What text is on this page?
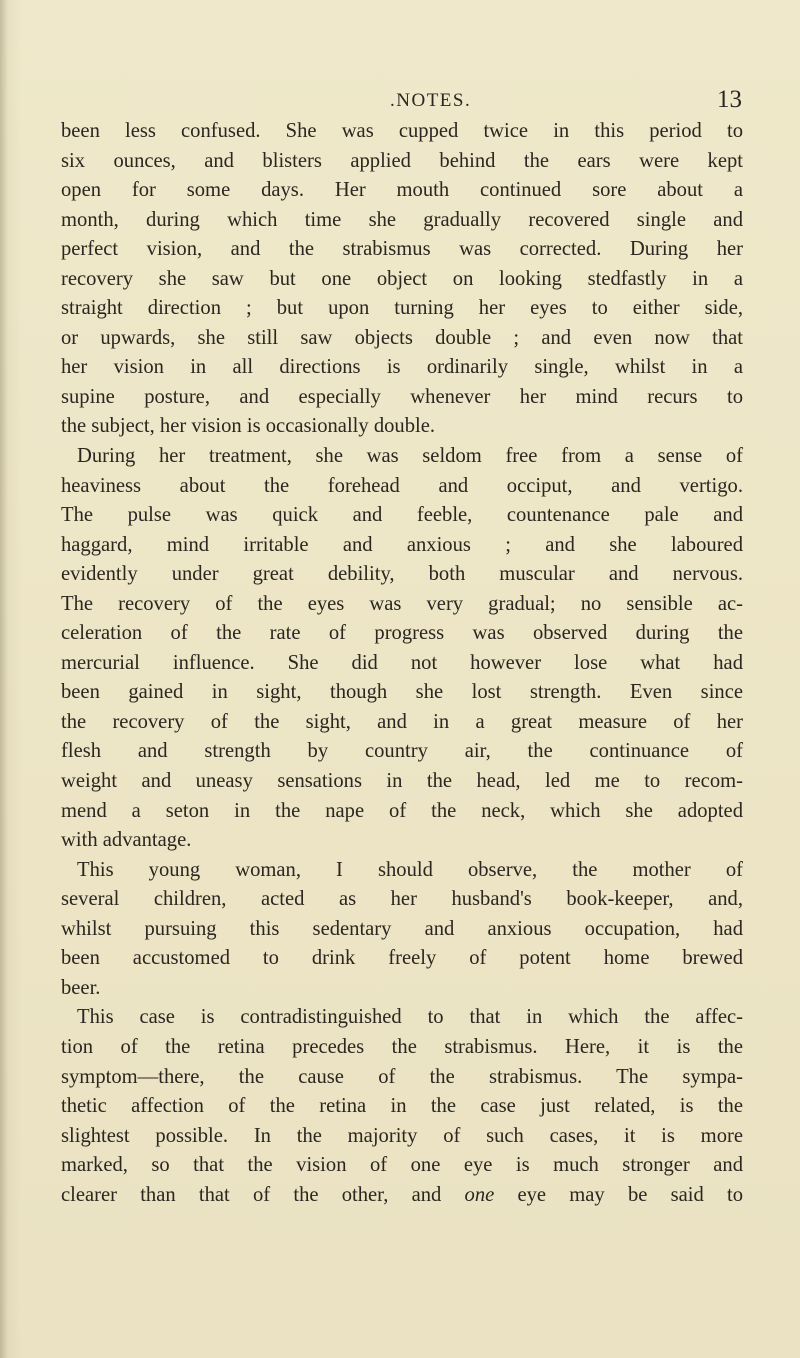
.NOTES.	13
been less confused. She was cupped twice in this period to
six ounces, and blisters applied behind the ears were kept
open for some days. Her mouth continued sore about a
month, during which time she gradually recovered single and
perfect vision, and the strabismus was corrected. During her
recovery she saw but one object on looking stedfastly in a
straight direction ; but upon turning her eyes to either side,
or upwards, she still saw objects double ; and even now that
her vision in all directions is ordinarily single, whilst in a
supine posture, and especially whenever her mind recurs to
the subject, her vision is occasionally double.
During her treatment, she was seldom free from a sense of
heaviness about the forehead and occiput, and vertigo.
The pulse was quick and feeble, countenance pale and
haggard, mind irritable and anxious ; and she laboured
evidently under great debility, both muscular and nervous.
The recovery of the eyes was very gradual; no sensible ac-
celeration of the rate of progress was observed during the
mercurial influence. She did not however lose what had
been gained in sight, though she lost strength. Even since
the recovery of the sight, and in a great measure of her
flesh and strength by country air, the continuance of
weight and uneasy sensations in the head, led me to recom-
mend a seton in the nape of the neck, which she adopted
with advantage.
This young woman, I should observe, the mother of
several children, acted as her husband's book-keeper, and,
whilst pursuing this sedentary and anxious occupation, had
been accustomed to drink freely of potent home brewed
beer.
This case is contradistinguished to that in which the affec-
tion of the retina precedes the strabismus. Here, it is the
symptom—there, the cause of the strabismus. The sympa-
thetic affection of the retina in the case just related, is the
slightest possible. In the majority of such cases, it is more
marked, so that the vision of one eye is much stronger and
clearer than that of the other, and one eye may be said to
